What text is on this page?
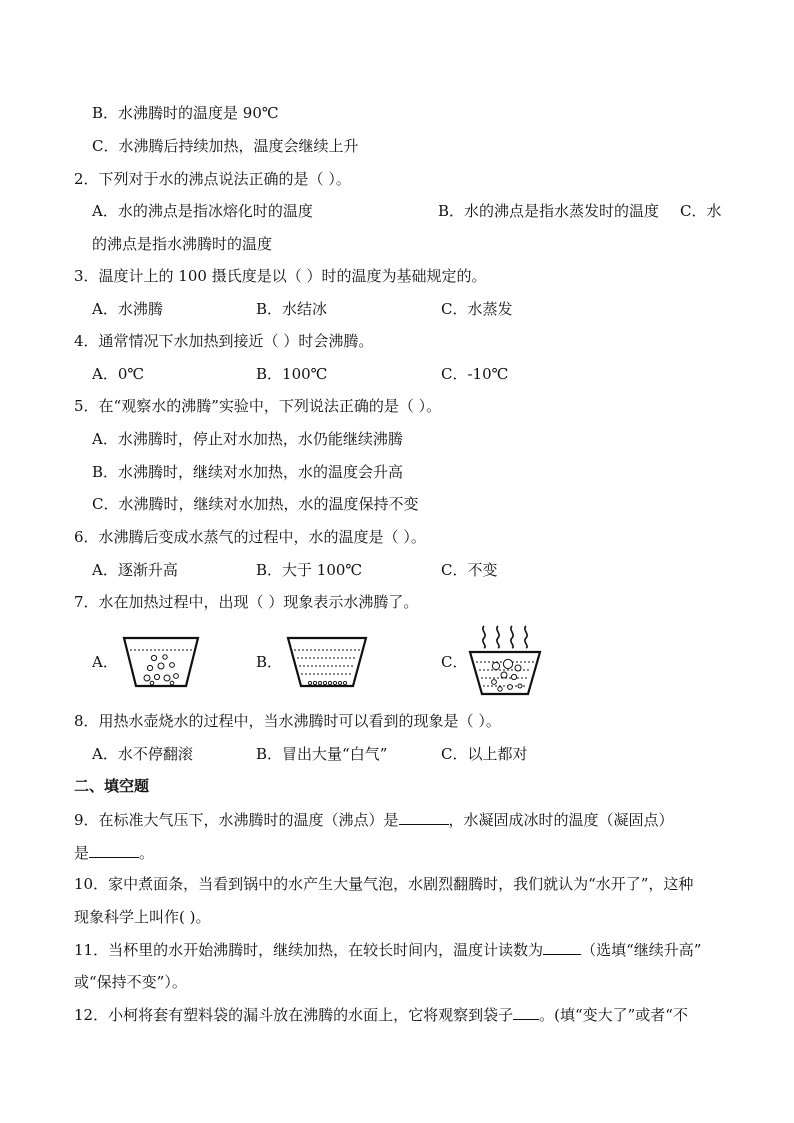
B．水沸腾时的温度是 90℃
C．水沸腾后持续加热，温度会继续上升
2．下列对于水的沸点说法正确的是（ ）。
A．水的沸点是指冰熔化时的温度	B．水的沸点是指水蒸发时的温度 C．水
的沸点是指水沸腾时的温度
3．温度计上的 100 摄氏度是以（ ）时的温度为基础规定的。
A．水沸腾	B．水结冰	C．水蒸发
4．通常情况下水加热到接近（ ）时会沸腾。
A．0℃	B．100℃	C．-10℃
5．在“观察水的沸腾”实验中，下列说法正确的是（ ）。
A．水沸腾时，停止对水加热，水仍能继续沸腾
B．水沸腾时，继续对水加热，水的温度会升高
C．水沸腾时，继续对水加热，水的温度保持不变
6．水沸腾后变成水蒸气的过程中，水的温度是（ ）。
A．逐渐升高	B．大于 100℃	C．不变
7．水在加热过程中，出现（ ）现象表示水沸腾了。
A．	B．	C．
8．用热水壶烧水的过程中，当水沸腾时可以看到的现象是（ ）。
A．水不停翻滚	B．冒出大量“白气”	C．以上都对
二、填空题
9．在标准大气压下，水沸腾时的温度（沸点）是	，水凝固成冰时的温度（凝固点）
是	。
10．家中煮面条，当看到锅中的水产生大量气泡，水剧烈翻腾时，我们就认为“水开了”，这种
现象科学上叫作( )。
11．当杯里的水开始沸腾时，继续加热，在较长时间内，温度计读数为	（选填“继续升高”
或“保持不变”）。
12．小柯将套有塑料袋的漏斗放在沸腾的水面上，它将观察到袋子 。(填“变大了”或者“不
